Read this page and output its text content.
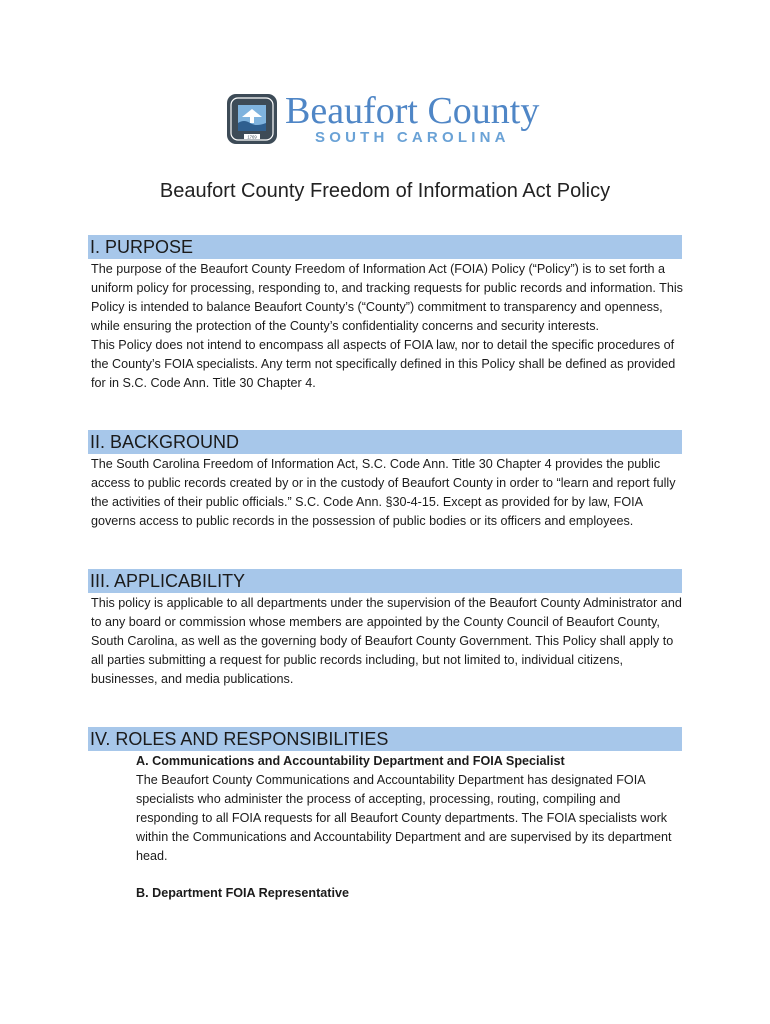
1769
Beaufort County
SOUTH CAROLINA
Beaufort County Freedom of Information Act Policy
I. PURPOSE

The purpose of the Beaufort County Freedom of Information Act (FOIA) Policy (“Policy”) is to set forth a uniform policy for processing, responding to, and tracking requests for public records and information. This Policy is intended to balance Beaufort County’s (“County”) commitment to transparency and openness, while ensuring the protection of the County’s confidentiality concerns and security interests.

This Policy does not intend to encompass all aspects of FOIA law, nor to detail the specific procedures of the County’s FOIA specialists. Any term not specifically defined in this Policy shall be defined as provided for in S.C. Code Ann. Title 30 Chapter 4.

II. BACKGROUND

The South Carolina Freedom of Information Act, S.C. Code Ann. Title 30 Chapter 4 provides the public access to public records created by or in the custody of Beaufort County in order to “learn and report fully the activities of their public officials.” S.C. Code Ann. §30-4-15. Except as provided for by law, FOIA governs access to public records in the possession of public bodies or its officers and employees.

III. APPLICABILITY

This policy is applicable to all departments under the supervision of the Beaufort County Administrator and to any board or commission whose members are appointed by the County Council of Beaufort County, South Carolina, as well as the governing body of Beaufort County Government. This Policy shall apply to all parties submitting a request for public records including, but not limited to, individual citizens, businesses, and media publications.

IV. ROLES AND RESPONSIBILITIES
A. Communications and Accountability Department and FOIA Specialist
The Beaufort County Communications and Accountability Department has designated FOIA specialists who administer the process of accepting, processing, routing, compiling and responding to all FOIA requests for all Beaufort County departments. The FOIA specialists work within the Communications and Accountability Department and are supervised by its department head.
B. Department FOIA Representative
